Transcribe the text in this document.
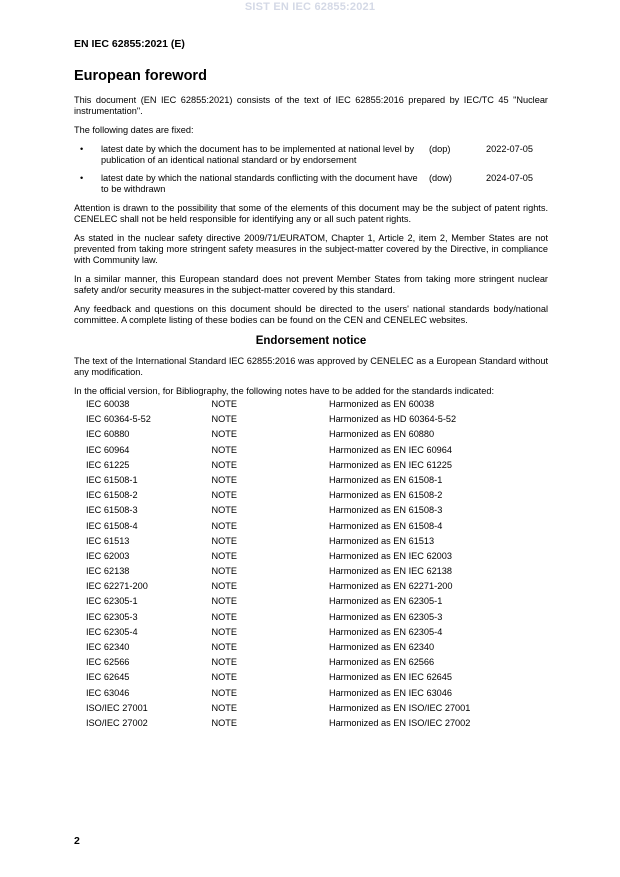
SIST EN IEC 62855:2021
EN IEC 62855:2021 (E)
European foreword

This document (EN IEC 62855:2021) consists of the text of IEC 62855:2016 prepared by IEC/TC 45 "Nuclear instrumentation".

The following dates are fixed:

•	latest date by which the document has to be implemented at national level by publication of an identical national standard or by endorsement
(dop)	2022-07-05
•	latest date by which the national standards conflicting with the document have to be withdrawn
(dow)	2024-07-05

Attention is drawn to the possibility that some of the elements of this document may be the subject of patent rights. CENELEC shall not be held responsible for identifying any or all such patent rights.

As stated in the nuclear safety directive 2009/71/EURATOM, Chapter 1, Article 2, item 2, Member States are not prevented from taking more stringent safety measures in the subject-matter covered by the Directive, in compliance with Community law.

In a similar manner, this European standard does not prevent Member States from taking more stringent nuclear safety and/or security measures in the subject-matter covered by this standard.

Any feedback and questions on this document should be directed to the users' national standards body/national committee. A complete listing of these bodies can be found on the CEN and CENELEC websites.

Endorsement notice

The text of the International Standard IEC 62855:2016 was approved by CENELEC as a European Standard without any modification.

In the official version, for Bibliography, the following notes have to be added for the standards indicated:

IEC 60038	NOTE	Harmonized as EN 60038
IEC 60364-5-52	NOTE	Harmonized as HD 60364-5-52
IEC 60880	NOTE	Harmonized as EN 60880
IEC 60964	NOTE	Harmonized as EN IEC 60964
IEC 61225	NOTE	Harmonized as EN IEC 61225
IEC 61508-1	NOTE	Harmonized as EN 61508-1
IEC 61508-2	NOTE	Harmonized as EN 61508-2
IEC 61508-3	NOTE	Harmonized as EN 61508-3
IEC 61508-4	NOTE	Harmonized as EN 61508-4
IEC 61513	NOTE	Harmonized as EN 61513
IEC 62003	NOTE	Harmonized as EN IEC 62003
IEC 62138	NOTE	Harmonized as EN IEC 62138
IEC 62271-200	NOTE	Harmonized as EN 62271-200
IEC 62305-1	NOTE	Harmonized as EN 62305-1
IEC 62305-3	NOTE	Harmonized as EN 62305-3
IEC 62305-4	NOTE	Harmonized as EN 62305-4
IEC 62340	NOTE	Harmonized as EN 62340
IEC 62566	NOTE	Harmonized as EN 62566
IEC 62645	NOTE	Harmonized as EN IEC 62645
IEC 63046	NOTE	Harmonized as EN IEC 63046
ISO/IEC 27001	NOTE	Harmonized as EN ISO/IEC 27001
ISO/IEC 27002	NOTE	Harmonized as EN ISO/IEC 27002
2
